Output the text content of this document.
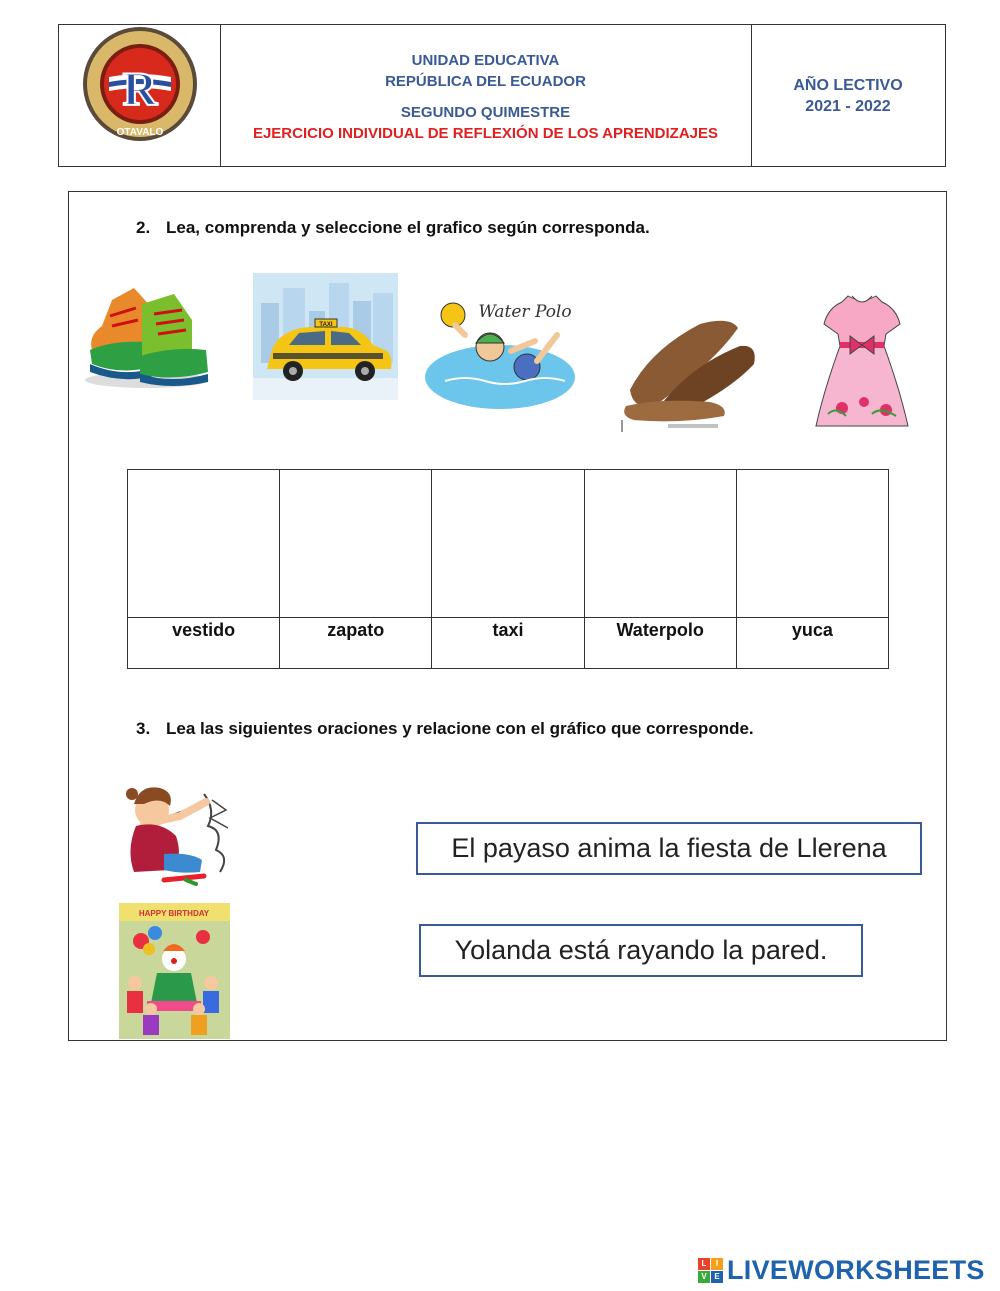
R
OTAVALO
UNIDAD EDUCATIVA
REPÚBLICA DEL ECUADOR
SEGUNDO QUIMESTRE
EJERCICIO INDIVIDUAL DE REFLEXIÓN DE LOS APRENDIZAJES
AÑO LECTIVO
2021 - 2022
2. Lea, comprenda y seleccione el grafico según corresponda.
TAXI
Water Polo

vestido	zapato	taxi	Waterpolo	yuca
3. Lea las siguientes oraciones y relacione con el gráfico que corresponde.
HAPPY BIRTHDAY
El payaso anima la fiesta de Llerena
Yolanda está rayando la pared.
L	I
V E LIVEWORKSHEETS
